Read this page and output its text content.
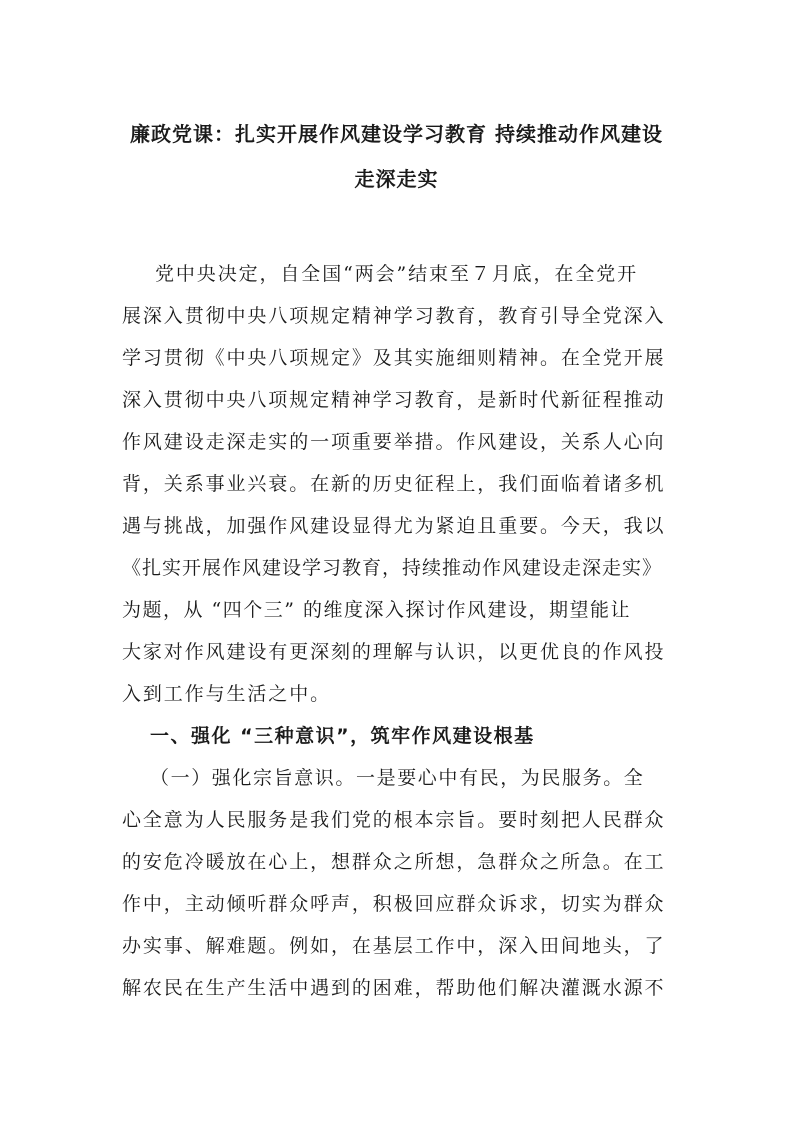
廉政党课：扎实开展作风建设学习教育 持续推动作风建设
走深走实
党中央决定，自全国“两会”结束至７月底，在全党开
展深入贯彻中央八项规定精神学习教育，教育引导全党深入
学习贯彻《中央八项规定》及其实施细则精神。在全党开展
深入贯彻中央八项规定精神学习教育，是新时代新征程推动
作风建设走深走实的一项重要举措。作风建设，关系人心向
背，关系事业兴衰。在新的历史征程上，我们面临着诸多机
遇与挑战，加强作风建设显得尤为紧迫且重要。今天，我以
《扎实开展作风建设学习教育，持续推动作风建设走深走实》
为题，从 “四个三” 的维度深入探讨作风建设，期望能让
大家对作风建设有更深刻的理解与认识，以更优良的作风投
入到工作与生活之中。
一、强化 “三种意识”，筑牢作风建设根基
（一）强化宗旨意识。一是要心中有民，为民服务。全
心全意为人民服务是我们党的根本宗旨。要时刻把人民群众
的安危冷暖放在心上，想群众之所想，急群众之所急。在工
作中，主动倾听群众呼声，积极回应群众诉求，切实为群众
办实事、解难题。例如，在基层工作中，深入田间地头，了
解农民在生产生活中遇到的困难，帮助他们解决灌溉水源不
